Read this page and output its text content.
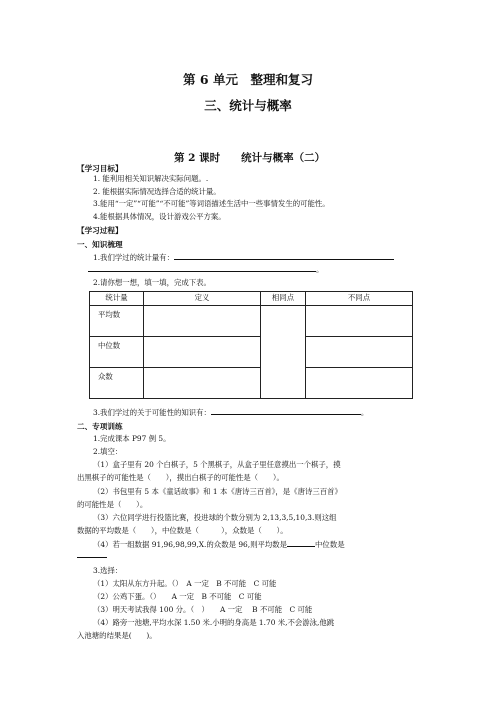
第 6 单元　整理和复习
三、统计与概率
第 2 课时　　统计与概率（二）
【学习目标】
1. 能利用相关知识解决实际问题。.
2. 能根据实际情况选择合适的统计量。
3.能用“一定”“可能”“不可能”等词语描述生活中一些事情发生的可能性。
4.能根据具体情况，设计游戏公平方案。
【学习过程】
一、知识梳理
1.我们学过的统计量有：
。
2.请你想一想，填一填，完成下表。
统计量	定义	相同点	不同点
平均数			
中位数			
众数			
3.我们学过的关于可能性的知识有：	。
二、专项训练
1.完成课本 P97 例 5。
2.填空：
（1）盒子里有 20 个白棋子，5 个黑棋子，从盒子里任意摸出一个棋子，摸
出黑棋子的可能性是（　　），摸出白棋子的可能性是（　　）。
（2）书包里有 5 本《童话故事》和 1 本《唐诗三百首》，是《唐诗三百首》
的可能性是（　　）。
（3）六位同学进行投篮比赛，投进球的个数分别为 2,13,3,5,10,3.则这组
数据的平均数是（　　），中位数是（　　　），众数是（　　）。
（4）若一组数据 91,96,98,99,X.的众数是 96,则平均数是	中位数是
3.选择：
（1）太阳从东方升起。（）　A 一定　B 不可能　C 可能
（2）公鸡下蛋。（）　　A 一定　B 不可能　C 可能
（3）明天考试我得 100 分。（　）　　A 一定　 B 不可能　C 可能
（4）路旁一池塘,平均水深 1.50 米.小明的身高是 1.70 米,不会游泳,他跳
入池塘的结果是(　　)。
